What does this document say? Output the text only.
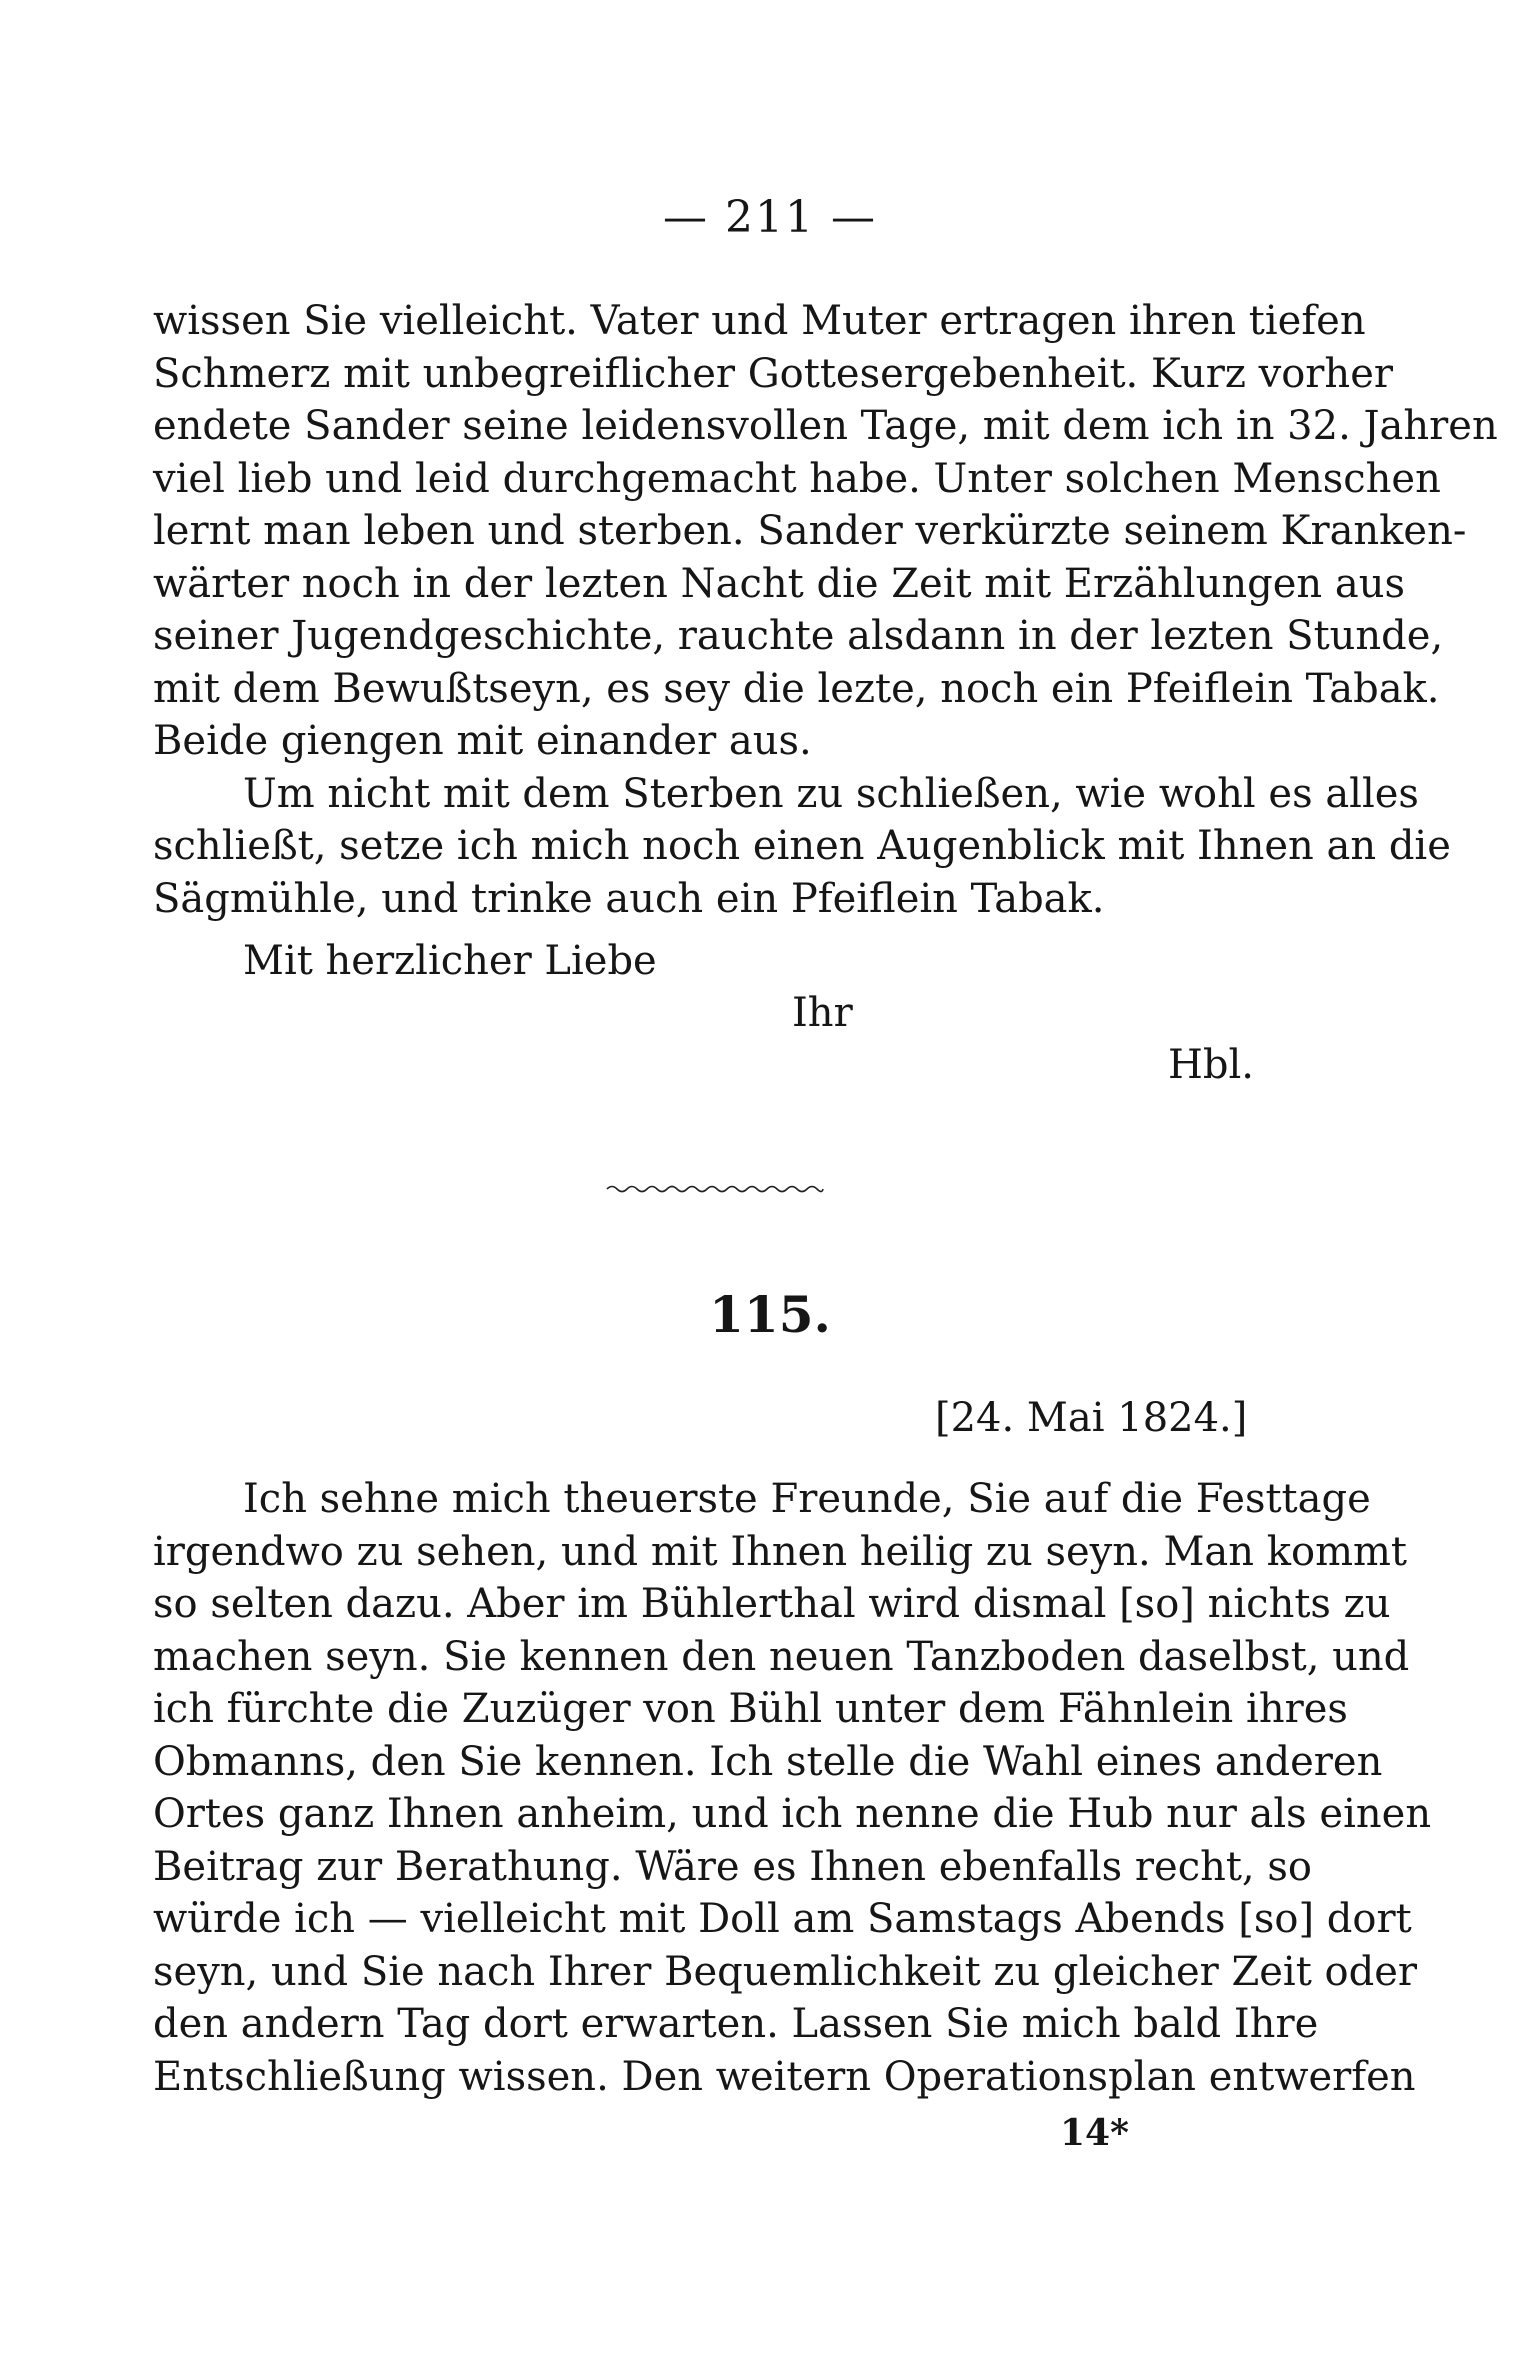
— 211 —
wissen Sie vielleicht. Vater und Muter ertragen ihren tiefen
Schmerz mit unbegreiflicher Gottesergebenheit. Kurz vorher
endete Sander seine leidensvollen Tage, mit dem ich in 32. Jahren
viel lieb und leid durchgemacht habe. Unter solchen Menschen
lernt man leben und sterben. Sander verkürzte seinem Kranken-
wärter noch in der lezten Nacht die Zeit mit Erzählungen aus
seiner Jugendgeschichte, rauchte alsdann in der lezten Stunde,
mit dem Bewußtseyn, es sey die lezte, noch ein Pfeiflein Tabak.
Beide giengen mit einander aus.
Um nicht mit dem Sterben zu schließen, wie wohl es alles
schließt, setze ich mich noch einen Augenblick mit Ihnen an die
Sägmühle, und trinke auch ein Pfeiflein Tabak.
Mit herzlicher Liebe
Ihr
Hbl.
115.
[24. Mai 1824.]
Ich sehne mich theuerste Freunde, Sie auf die Festtage
irgendwo zu sehen, und mit Ihnen heilig zu seyn. Man kommt
so selten dazu. Aber im Bühlerthal wird dismal [so] nichts zu
machen seyn. Sie kennen den neuen Tanzboden daselbst, und
ich fürchte die Zuzüger von Bühl unter dem Fähnlein ihres
Obmanns, den Sie kennen. Ich stelle die Wahl eines anderen
Ortes ganz Ihnen anheim, und ich nenne die Hub nur als einen
Beitrag zur Berathung. Wäre es Ihnen ebenfalls recht, so
würde ich — vielleicht mit Doll am Samstags Abends [so] dort
seyn, und Sie nach Ihrer Bequemlichkeit zu gleicher Zeit oder
den andern Tag dort erwarten. Lassen Sie mich bald Ihre
Entschließung wissen. Den weitern Operationsplan entwerfen
14*
